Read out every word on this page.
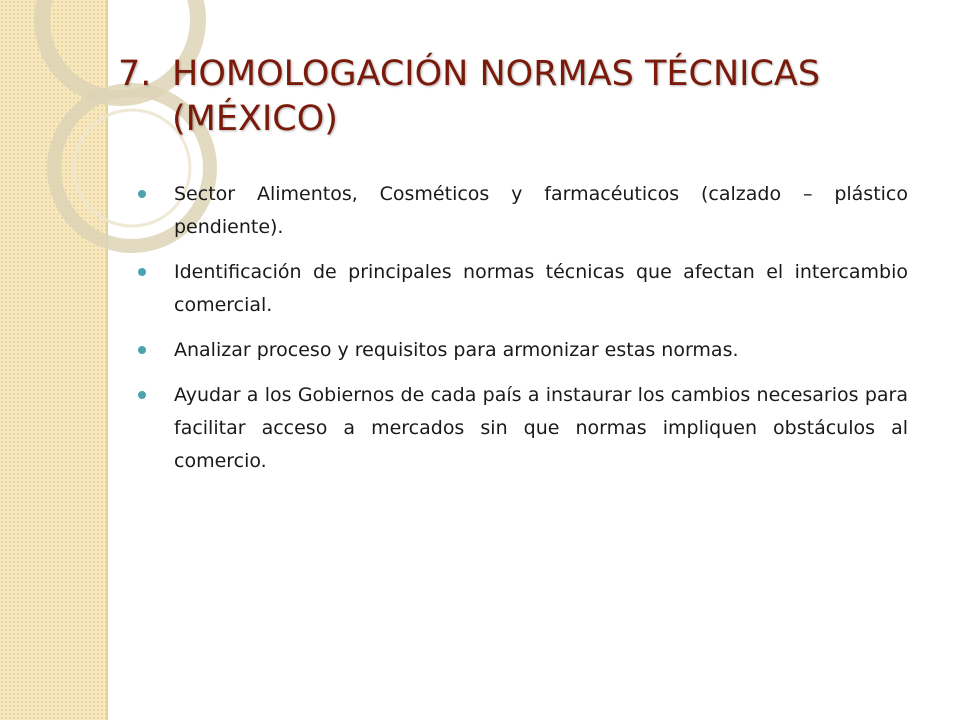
7. HOMOLOGACIÓN NORMAS TÉCNICAS
(MÉXICO)
Sector Alimentos, Cosméticos y farmacéuticos (calzado – plástico pendiente).
Identificación de principales normas técnicas que afectan el intercambio comercial.
Analizar proceso y requisitos para armonizar estas normas.
Ayudar a los Gobiernos de cada país a instaurar los cambios necesarios para facilitar acceso a mercados sin que normas impliquen obstáculos al comercio.
